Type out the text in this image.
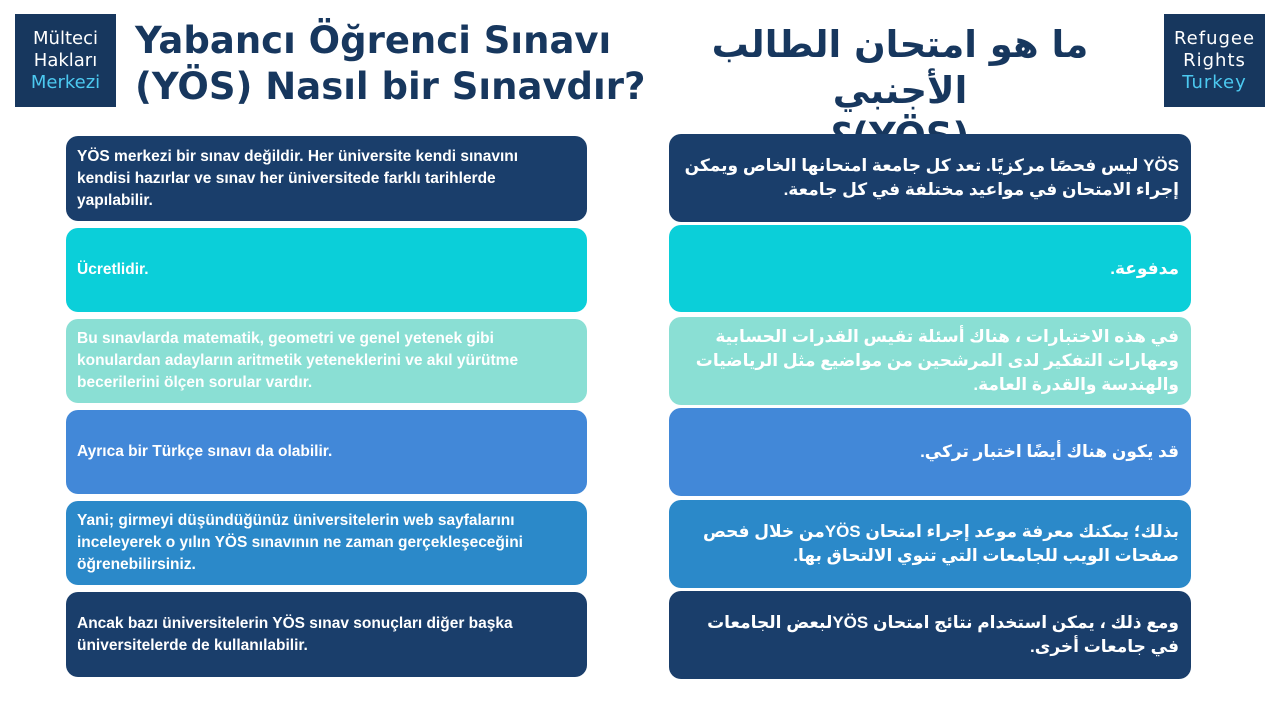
Mülteci
Hakları
Merkezi
Yabancı Öğrenci Sınavı
(YÖS) Nasıl bir Sınavdır?
ما هو امتحان الطالب الأجنبي
Refugee
Rights
Turkey
YÖS merkezi bir sınav değildir. Her üniversite kendi sınavını kendisi hazırlar ve sınav her üniversitede farklı tarihlerde yapılabilir.
Ücretlidir.
Bu sınavlarda matematik, geometri ve genel yetenek gibi konulardan adayların aritmetik yeteneklerini ve akıl yürütme becerilerini ölçen sorular vardır.
Ayrıca bir Türkçe sınavı da olabilir.
Yani; girmeyi düşündüğünüz üniversitelerin web sayfalarını inceleyerek o yılın YÖS sınavının ne zaman gerçekleşeceğini öğrenebilirsiniz.
Ancak bazı üniversitelerin YÖS sınav sonuçları diğer başka üniversitelerde de kullanılabilir.
YÖS ليس فحصًا مركزيًا. تعد كل جامعة امتحانها الخاص ويمكن إجراء الامتحان في مواعيد مختلفة في كل جامعة.
مدفوعة.
في هذه الاختبارات ، هناك أسئلة تقيس القدرات الحسابية ومهارات التفكير لدى المرشحين من مواضيع مثل الرياضيات والهندسة والقدرة العامة.
قد يكون هناك أيضًا اختبار تركي.
بذلك؛ يمكنك معرفة موعد إجراء امتحان YÖSمن خلال فحص صفحات الويب للجامعات التي تنوي الالتحاق بها.
ومع ذلك ، يمكن استخدام نتائج امتحان YÖSلبعض الجامعات في جامعات أخرى.
